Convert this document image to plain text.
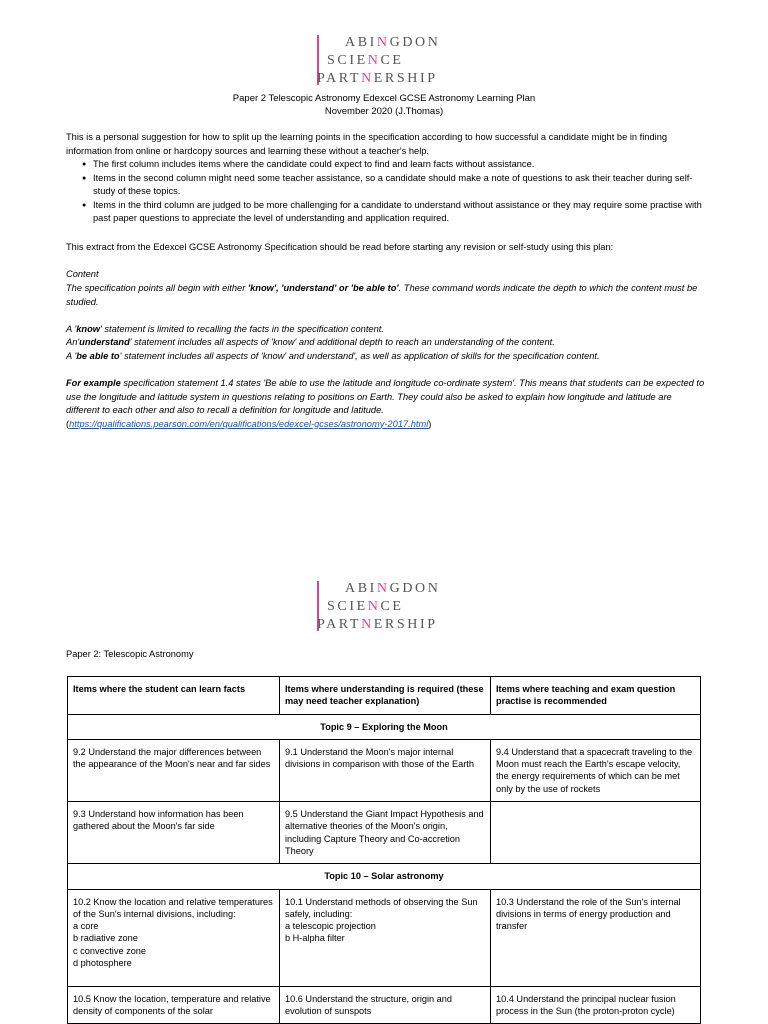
ABINGDON
SCIENCE
PARTNERSHIP
Paper 2 Telescopic Astronomy Edexcel GCSE Astronomy Learning Plan
November 2020 (J.Thomas)
This is a personal suggestion for how to split up the learning points in the specification according to how successful a candidate might be in finding information from online or hardcopy sources and learning these without a teacher's help.
● The first column includes items where the candidate could expect to find and learn facts without assistance.
● Items in the second column might need some teacher assistance, so a candidate should make a note of questions to ask their teacher during self-study of these topics.
● Items in the third column are judged to be more challenging for a candidate to understand without assistance or they may require some practise with past paper questions to appreciate the level of understanding and application required.
This extract from the Edexcel GCSE Astronomy Specification should be read before starting any revision or self-study using this plan:
Content
The specification points all begin with either 'know', 'understand' or 'be able to'. These command words indicate the depth to which the content must be studied.
A 'know' statement is limited to recalling the facts in the specification content.
An'understand' statement includes all aspects of 'know' and additional depth to reach an understanding of the content.
A 'be able to' statement includes all aspects of 'know' and understand', as well as application of skills for the specification content.
For example specification statement 1.4 states 'Be able to use the latitude and longitude co-ordinate system'. This means that students can be expected to use the longitude and latitude system in questions relating to positions on Earth. They could also be asked to explain how longitude and latitude are different to each other and also to recall a definition for longitude and latitude.
(https://qualifications.pearson.com/en/qualifications/edexcel-gcses/astronomy-2017.html)
ABINGDON
SCIENCE
PARTNERSHIP
Paper 2: Telescopic Astronomy
Items where the student can learn facts	Items where understanding is required (these may need teacher explanation)	Items where teaching and exam question practise is recommended
Topic 9 – Exploring the Moon		
9.2 Understand the major differences between the appearance of the Moon's near and far sides	9.1 Understand the Moon's major internal divisions in comparison with those of the Earth	9.4 Understand that a spacecraft traveling to the Moon must reach the Earth's escape velocity, the energy requirements of which can be met only by the use of rockets
9.3 Understand how information has been gathered about the Moon's far side	9.5 Understand the Giant Impact Hypothesis and alternative theories of the Moon's origin, including Capture Theory and Co-accretion Theory	
Topic 10 – Solar astronomy		

10.2 Know the location and relative temperatures of the Sun's internal divisions, including:
a core
b radiative zone
c convective zone
d photosphere	10.1 Understand methods of observing the Sun safely, including:
a telescopic projection
b H-alpha filter	10.3 Understand the role of the Sun's internal divisions in terms of energy production and transfer
10.5 Know the location, temperature and relative density of components of the solar	10.6 Understand the structure, origin and evolution of sunspots	10.4 Understand the principal nuclear fusion process in the Sun (the proton-proton cycle)
